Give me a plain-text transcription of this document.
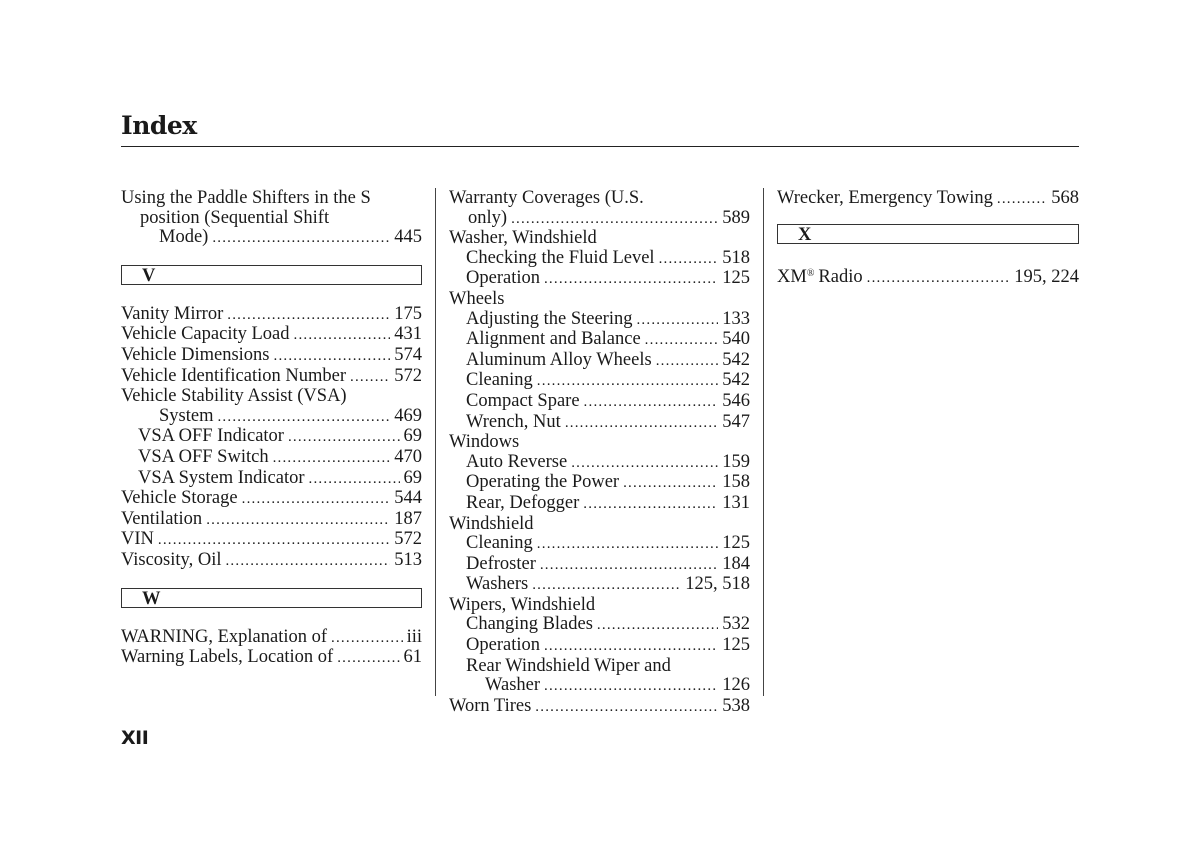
Index
Using the Paddle Shifters in the S
position (Sequential Shift
Mode) .....	445
V
Vanity Mirror .....	175
Vehicle Capacity Load .....	431
Vehicle Dimensions .....	574
Vehicle Identification Number .....	572
Vehicle Stability Assist (VSA)
System .....	469
VSA OFF Indicator .....	69
VSA OFF Switch .....	470
VSA System Indicator .....	69
Vehicle Storage .....	544
Ventilation .....	187
VIN .....	572
Viscosity, Oil .....	513
W
WARNING, Explanation of .....	iii
Warning Labels, Location of .....	61
Warranty Coverages (U.S.
only) .....	589
Washer, Windshield
Checking the Fluid Level .....	518
Operation .....	125
Wheels
Adjusting the Steering .....	133
Alignment and Balance .....	540
Aluminum Alloy Wheels .....	542
Cleaning .....	542
Compact Spare .....	546
Wrench, Nut .....	547
Windows
Auto Reverse .....	159
Operating the Power .....	158
Rear, Defogger .....	131
Windshield
Cleaning .....	125
Defroster .....	184
Washers .....	125, 518
Wipers, Windshield
Changing Blades .....	532
Operation .....	125
Rear Windshield Wiper and
Washer .....	126
Worn Tires .....	538
Wrecker, Emergency Towing .....	568
X
XM® Radio .....	195, 224
XII
